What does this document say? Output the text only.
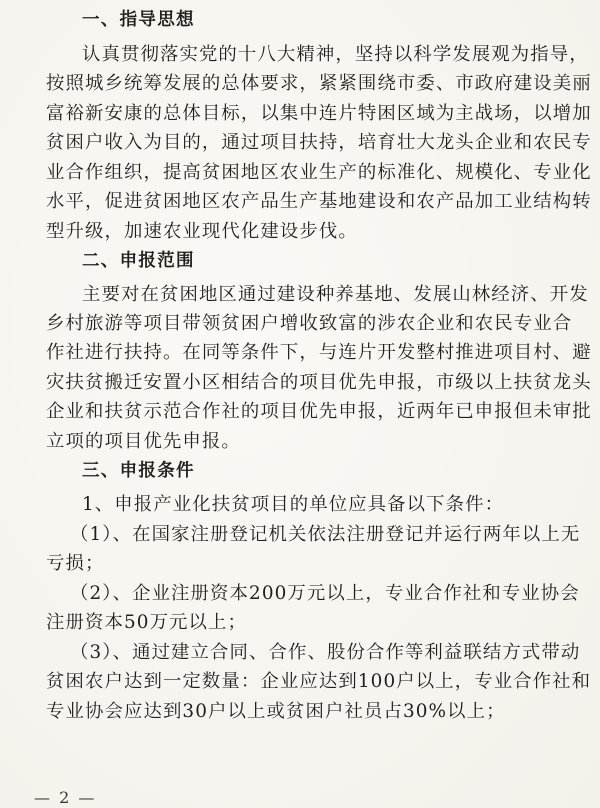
一、指导思想
认真贯彻落实党的十八大精神，坚持以科学发展观为指导，
按照城乡统筹发展的总体要求，紧紧围绕市委、市政府建设美丽
富裕新安康的总体目标，以集中连片特困区域为主战场，以增加
贫困户收入为目的，通过项目扶持，培育壮大龙头企业和农民专
业合作组织，提高贫困地区农业生产的标准化、规模化、专业化
水平，促进贫困地区农产品生产基地建设和农产品加工业结构转
型升级，加速农业现代化建设步伐。
二、申报范围
主要对在贫困地区通过建设种养基地、发展山林经济、开发
乡村旅游等项目带领贫困户增收致富的涉农企业和农民专业合
作社进行扶持。在同等条件下，与连片开发整村推进项目村、避
灾扶贫搬迁安置小区相结合的项目优先申报，市级以上扶贫龙头
企业和扶贫示范合作社的项目优先申报，近两年已申报但未审批
立项的项目优先申报。
三、申报条件
1、申报产业化扶贫项目的单位应具备以下条件：
（1）、在国家注册登记机关依法注册登记并运行两年以上无
亏损；
（2）、企业注册资本200万元以上，专业合作社和专业协会
注册资本50万元以上；
（3）、通过建立合同、合作、股份合作等利益联结方式带动
贫困农户达到一定数量：企业应达到100户以上，专业合作社和
专业协会应达到30户以上或贫困户社员占30%以上；
— 2 —
